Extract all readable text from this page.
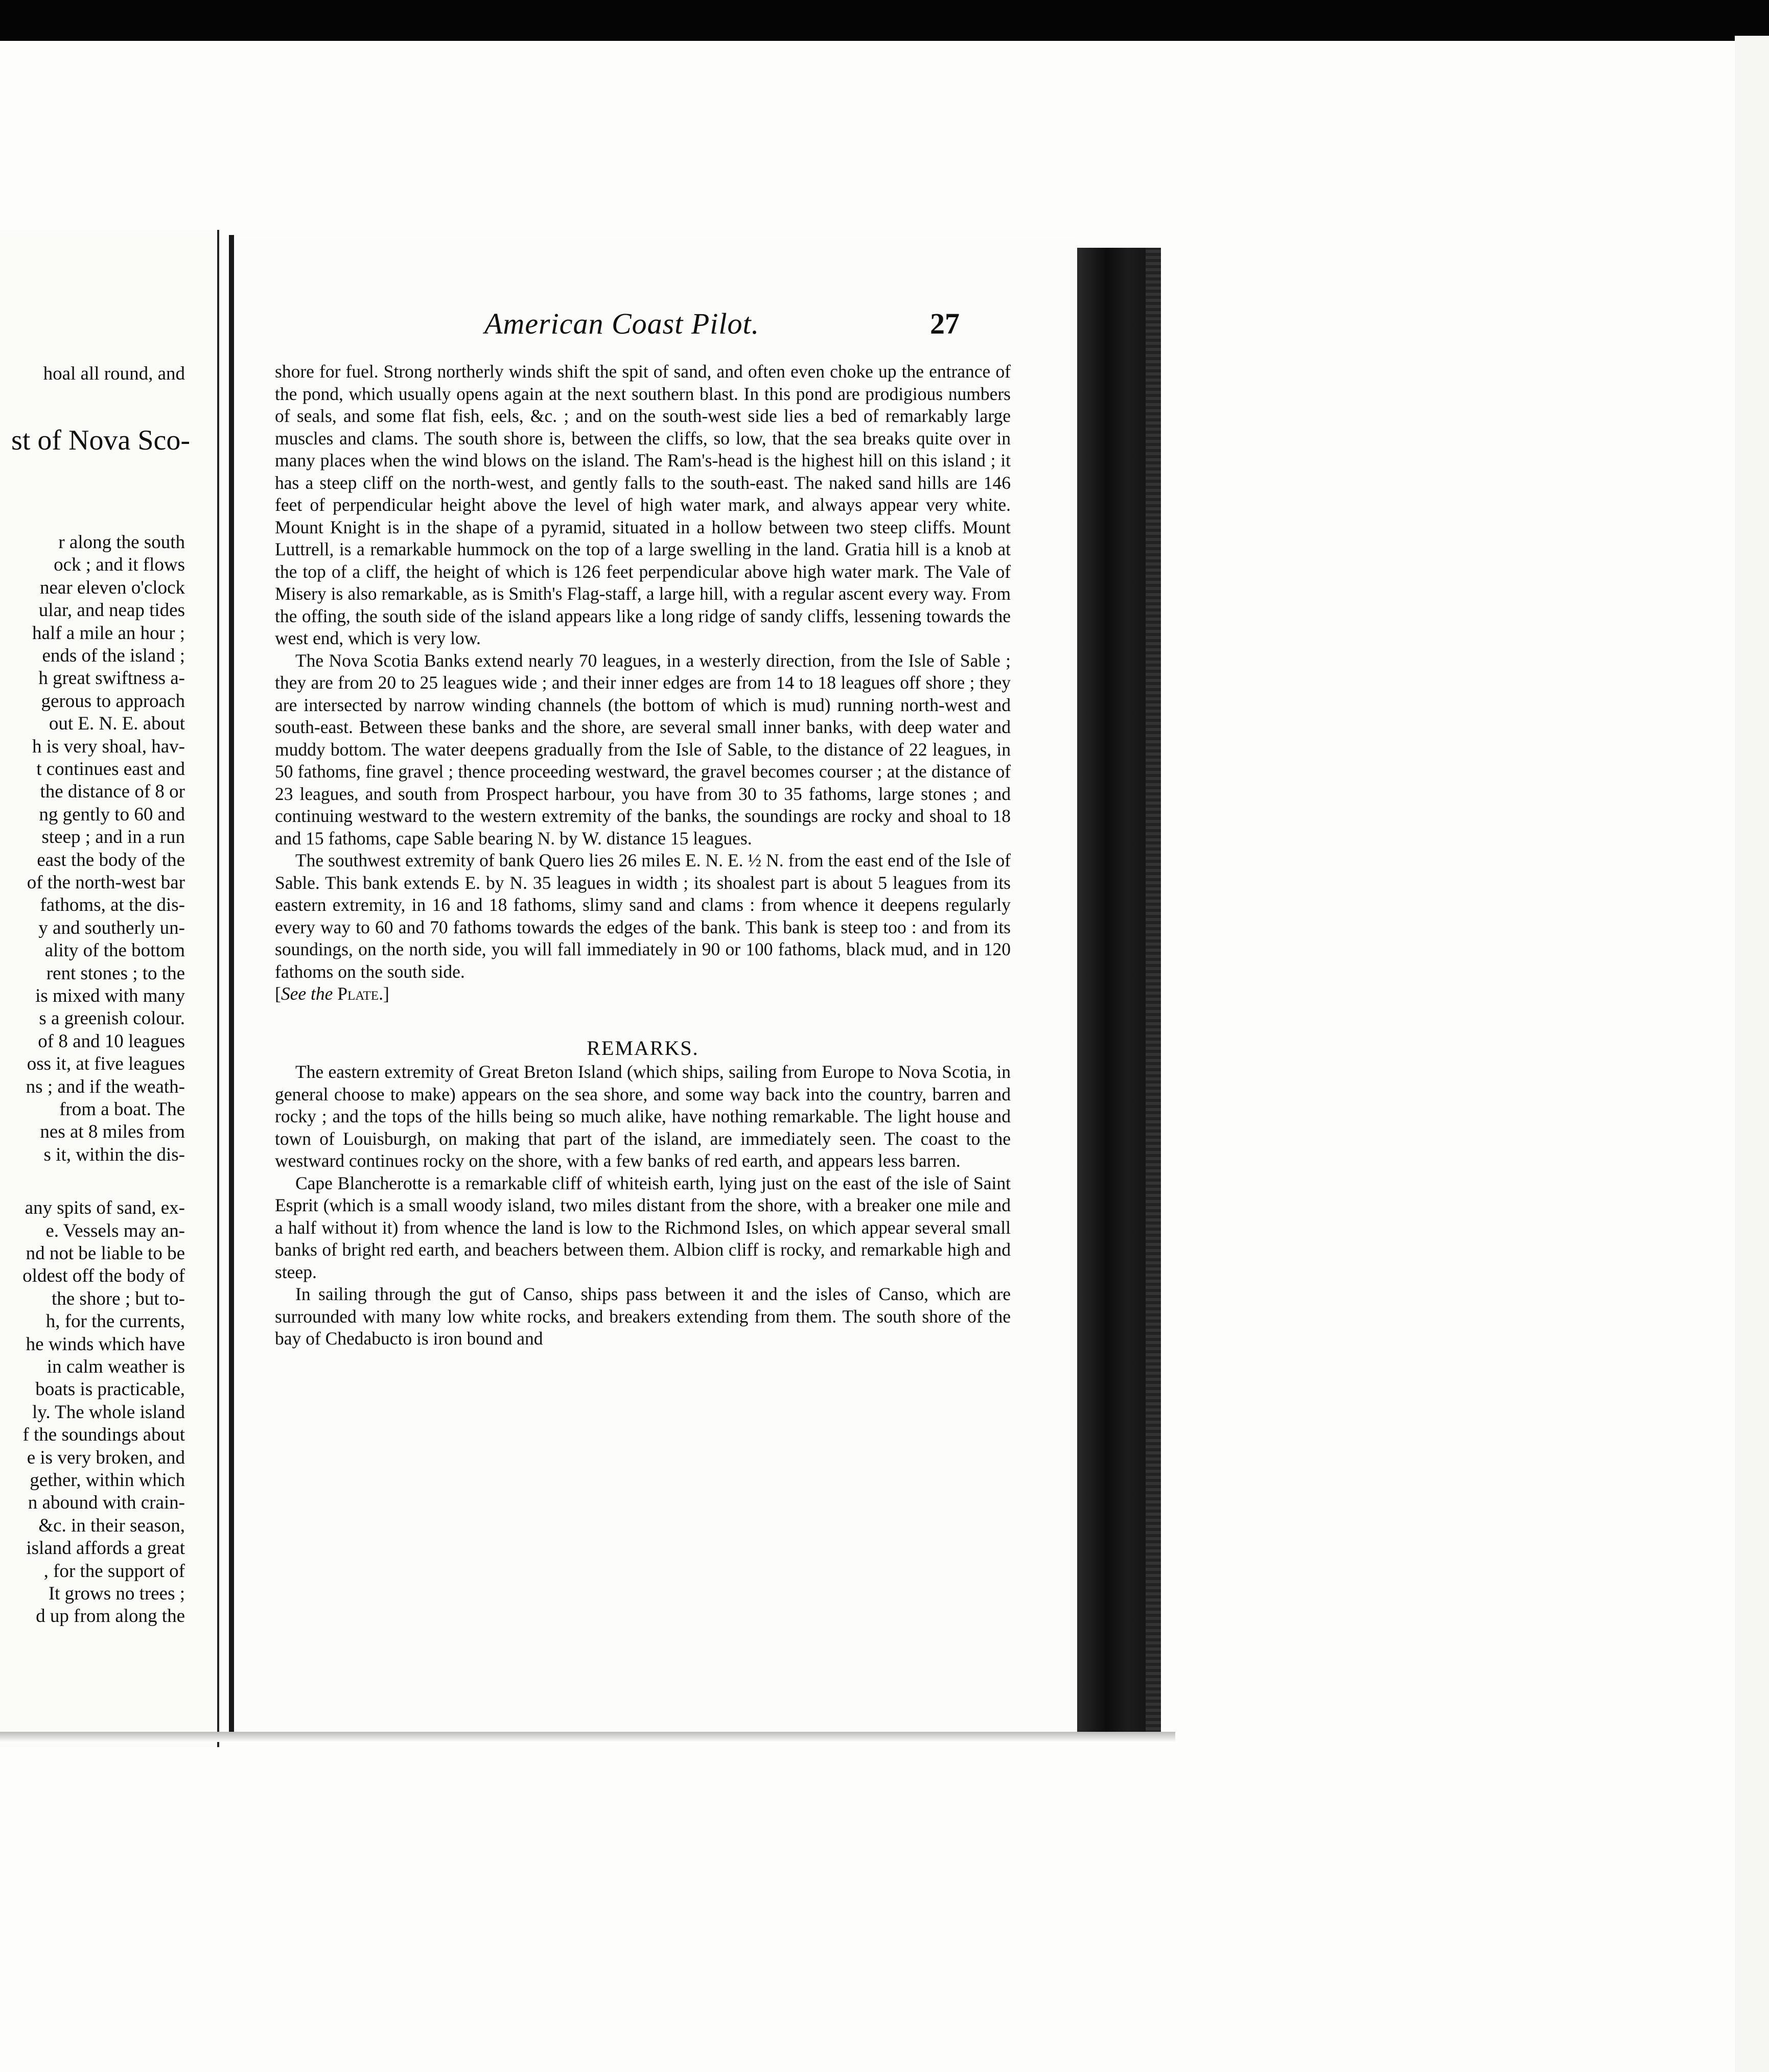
hoal all round, and
st of Nova Sco-
r along the south
ock ; and it flows
near eleven o'clock
ular, and neap tides
half a mile an hour ;
ends of the island ;
h great swiftness a-
gerous to approach
out E. N. E. about
h is very shoal, hav-
t continues east and
the distance of 8 or
ng gently to 60 and
steep ; and in a run
east the body of the
of the north-west bar
fathoms, at the dis-
y and southerly un-
ality of the bottom
rent stones ; to the
is mixed with many
s a greenish colour.
of 8 and 10 leagues
oss it, at five leagues
ns ; and if the weath-
from a boat. The
nes at 8 miles from
s it, within the dis-
any spits of sand, ex-
e. Vessels may an-
nd not be liable to be
oldest off the body of
the shore ; but to-
h, for the currents,
he winds which have
in calm weather is
boats is practicable,
ly. The whole island
f the soundings about
e is very broken, and
gether, within which
n abound with crain-
&c. in their season,
island affords a great
, for the support of
It grows no trees ;
d up from along the
American Coast Pilot.	27

shore for fuel. Strong northerly winds shift the spit of sand, and often even choke up the entrance of the pond, which usually opens again at the next southern blast. In this pond are prodigious numbers of seals, and some flat fish, eels, &c. ; and on the south-west side lies a bed of remarkably large muscles and clams. The south shore is, between the cliffs, so low, that the sea breaks quite over in many places when the wind blows on the island. The Ram's-head is the highest hill on this island ; it has a steep cliff on the north-west, and gently falls to the south-east. The naked sand hills are 146 feet of perpendicular height above the level of high water mark, and always appear very white. Mount Knight is in the shape of a pyramid, situated in a hollow between two steep cliffs. Mount Luttrell, is a remarkable hummock on the top of a large swelling in the land. Gratia hill is a knob at the top of a cliff, the height of which is 126 feet perpendicular above high water mark. The Vale of Misery is also remarkable, as is Smith's Flag-staff, a large hill, with a regular ascent every way. From the offing, the south side of the island appears like a long ridge of sandy cliffs, lessening towards the west end, which is very low.

The Nova Scotia Banks extend nearly 70 leagues, in a westerly direction, from the Isle of Sable ; they are from 20 to 25 leagues wide ; and their inner edges are from 14 to 18 leagues off shore ; they are intersected by narrow winding channels (the bottom of which is mud) running north-west and south-east. Between these banks and the shore, are several small inner banks, with deep water and muddy bottom. The water deepens gradually from the Isle of Sable, to the distance of 22 leagues, in 50 fathoms, fine gravel ; thence proceeding westward, the gravel becomes courser ; at the distance of 23 leagues, and south from Prospect harbour, you have from 30 to 35 fathoms, large stones ; and continuing westward to the western extremity of the banks, the soundings are rocky and shoal to 18 and 15 fathoms, cape Sable bearing N. by W. distance 15 leagues.

The southwest extremity of bank Quero lies 26 miles E. N. E. ½ N. from the east end of the Isle of Sable. This bank extends E. by N. 35 leagues in width ; its shoalest part is about 5 leagues from its eastern extremity, in 16 and 18 fathoms, slimy sand and clams : from whence it deepens regularly every way to 60 and 70 fathoms towards the edges of the bank. This bank is steep too : and from its soundings, on the north side, you will fall immediately in 90 or 100 fathoms, black mud, and in 120 fathoms on the south side.
[See the Plate.]

REMARKS.

The eastern extremity of Great Breton Island (which ships, sailing from Europe to Nova Scotia, in general choose to make) appears on the sea shore, and some way back into the country, barren and rocky ; and the tops of the hills being so much alike, have nothing remarkable. The light house and town of Louisburgh, on making that part of the island, are immediately seen. The coast to the westward continues rocky on the shore, with a few banks of red earth, and appears less barren.

Cape Blancherotte is a remarkable cliff of whiteish earth, lying just on the east of the isle of Saint Esprit (which is a small woody island, two miles distant from the shore, with a breaker one mile and a half without it) from whence the land is low to the Richmond Isles, on which appear several small banks of bright red earth, and beachers between them. Albion cliff is rocky, and remarkable high and steep.

In sailing through the gut of Canso, ships pass between it and the isles of Canso, which are surrounded with many low white rocks, and breakers extending from them. The south shore of the bay of Chedabucto is iron bound and
